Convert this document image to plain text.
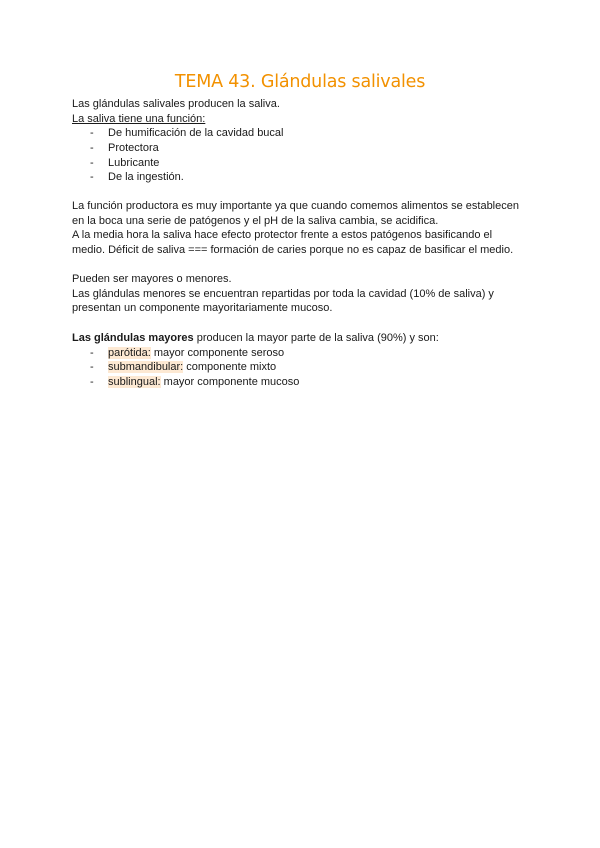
TEMA 43. Glándulas salivales
Las glándulas salivales producen la saliva.
La saliva tiene una función:
- De humificación de la cavidad bucal
- Protectora
- Lubricante
- De la ingestión.
La función productora es muy importante ya que cuando comemos alimentos se establecen
en la boca una serie de patógenos y el pH de la saliva cambia, se acidifica.
A la media hora la saliva hace efecto protector frente a estos patógenos basificando el
medio. Déficit de saliva === formación de caries porque no es capaz de basificar el medio.
Pueden ser mayores o menores.
Las glándulas menores se encuentran repartidas por toda la cavidad (10% de saliva) y
presentan un componente mayoritariamente mucoso.
Las glándulas mayores producen la mayor parte de la saliva (90%) y son:
- parótida: mayor componente seroso
- submandibular: componente mixto
- sublingual: mayor componente mucoso
